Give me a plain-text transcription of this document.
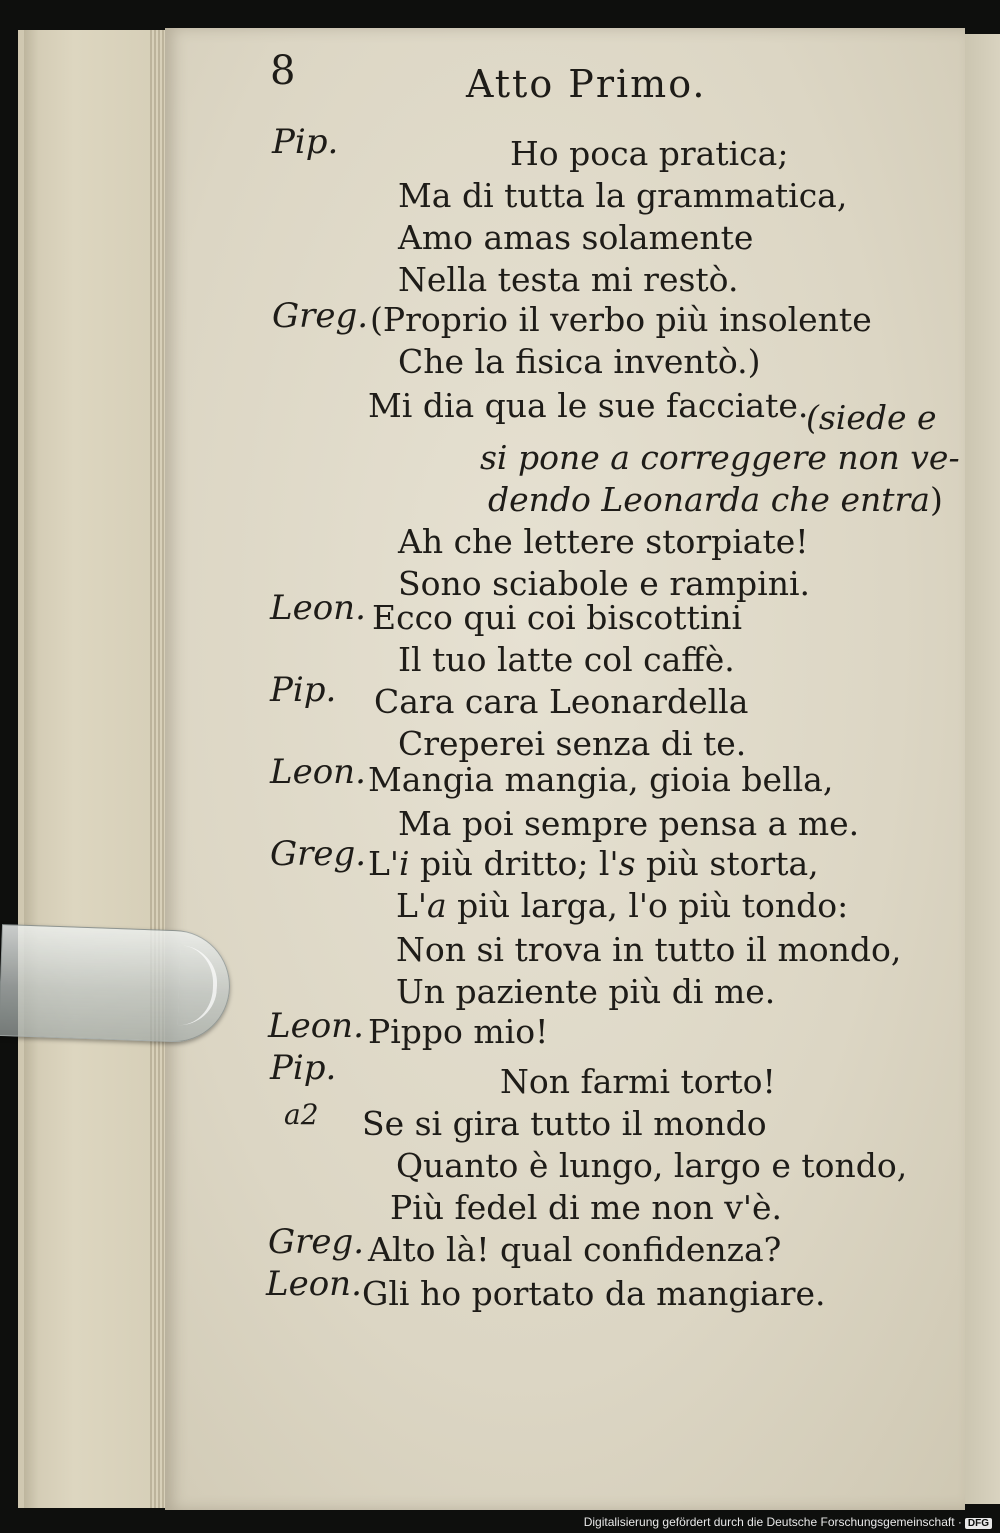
8	Atto Primo.
Pip.	Ho poca pratica;
Ma di tutta la grammatica,
Amo amas solamente
Nella testa mi restò.
Greg. (Proprio il verbo più insolente
Che la fisica inventò.)
Mi dia qua le sue facciate.
(siede e
si pone a correggere non ve-
dendo Leonarda che entra)
Ah che lettere storpiate!
Sono sciabole e rampini.
Leon. Ecco qui coi biscottini
Il tuo latte col caffè.
Pip. Cara cara Leonardella
Creperei senza di te.
Leon. Mangia mangia, gioia bella,
Ma poi sempre pensa a me.
Greg. L'i più dritto; l's più storta,
L'a più larga, l'o più tondo:
Non si trova in tutto il mondo,
Un paziente più di me.
Leon. Pippo mio!
Pip.	Non farmi torto!
a2 Se si gira tutto il mondo
Quanto è lungo, largo e tondo,
Più fedel di me non v'è.
Greg. Alto là! qual confidenza?
Leon. Gli ho portato da mangiare.
Digitalisierung gefördert durch die Deutsche Forschungsgemeinschaft · DFG
